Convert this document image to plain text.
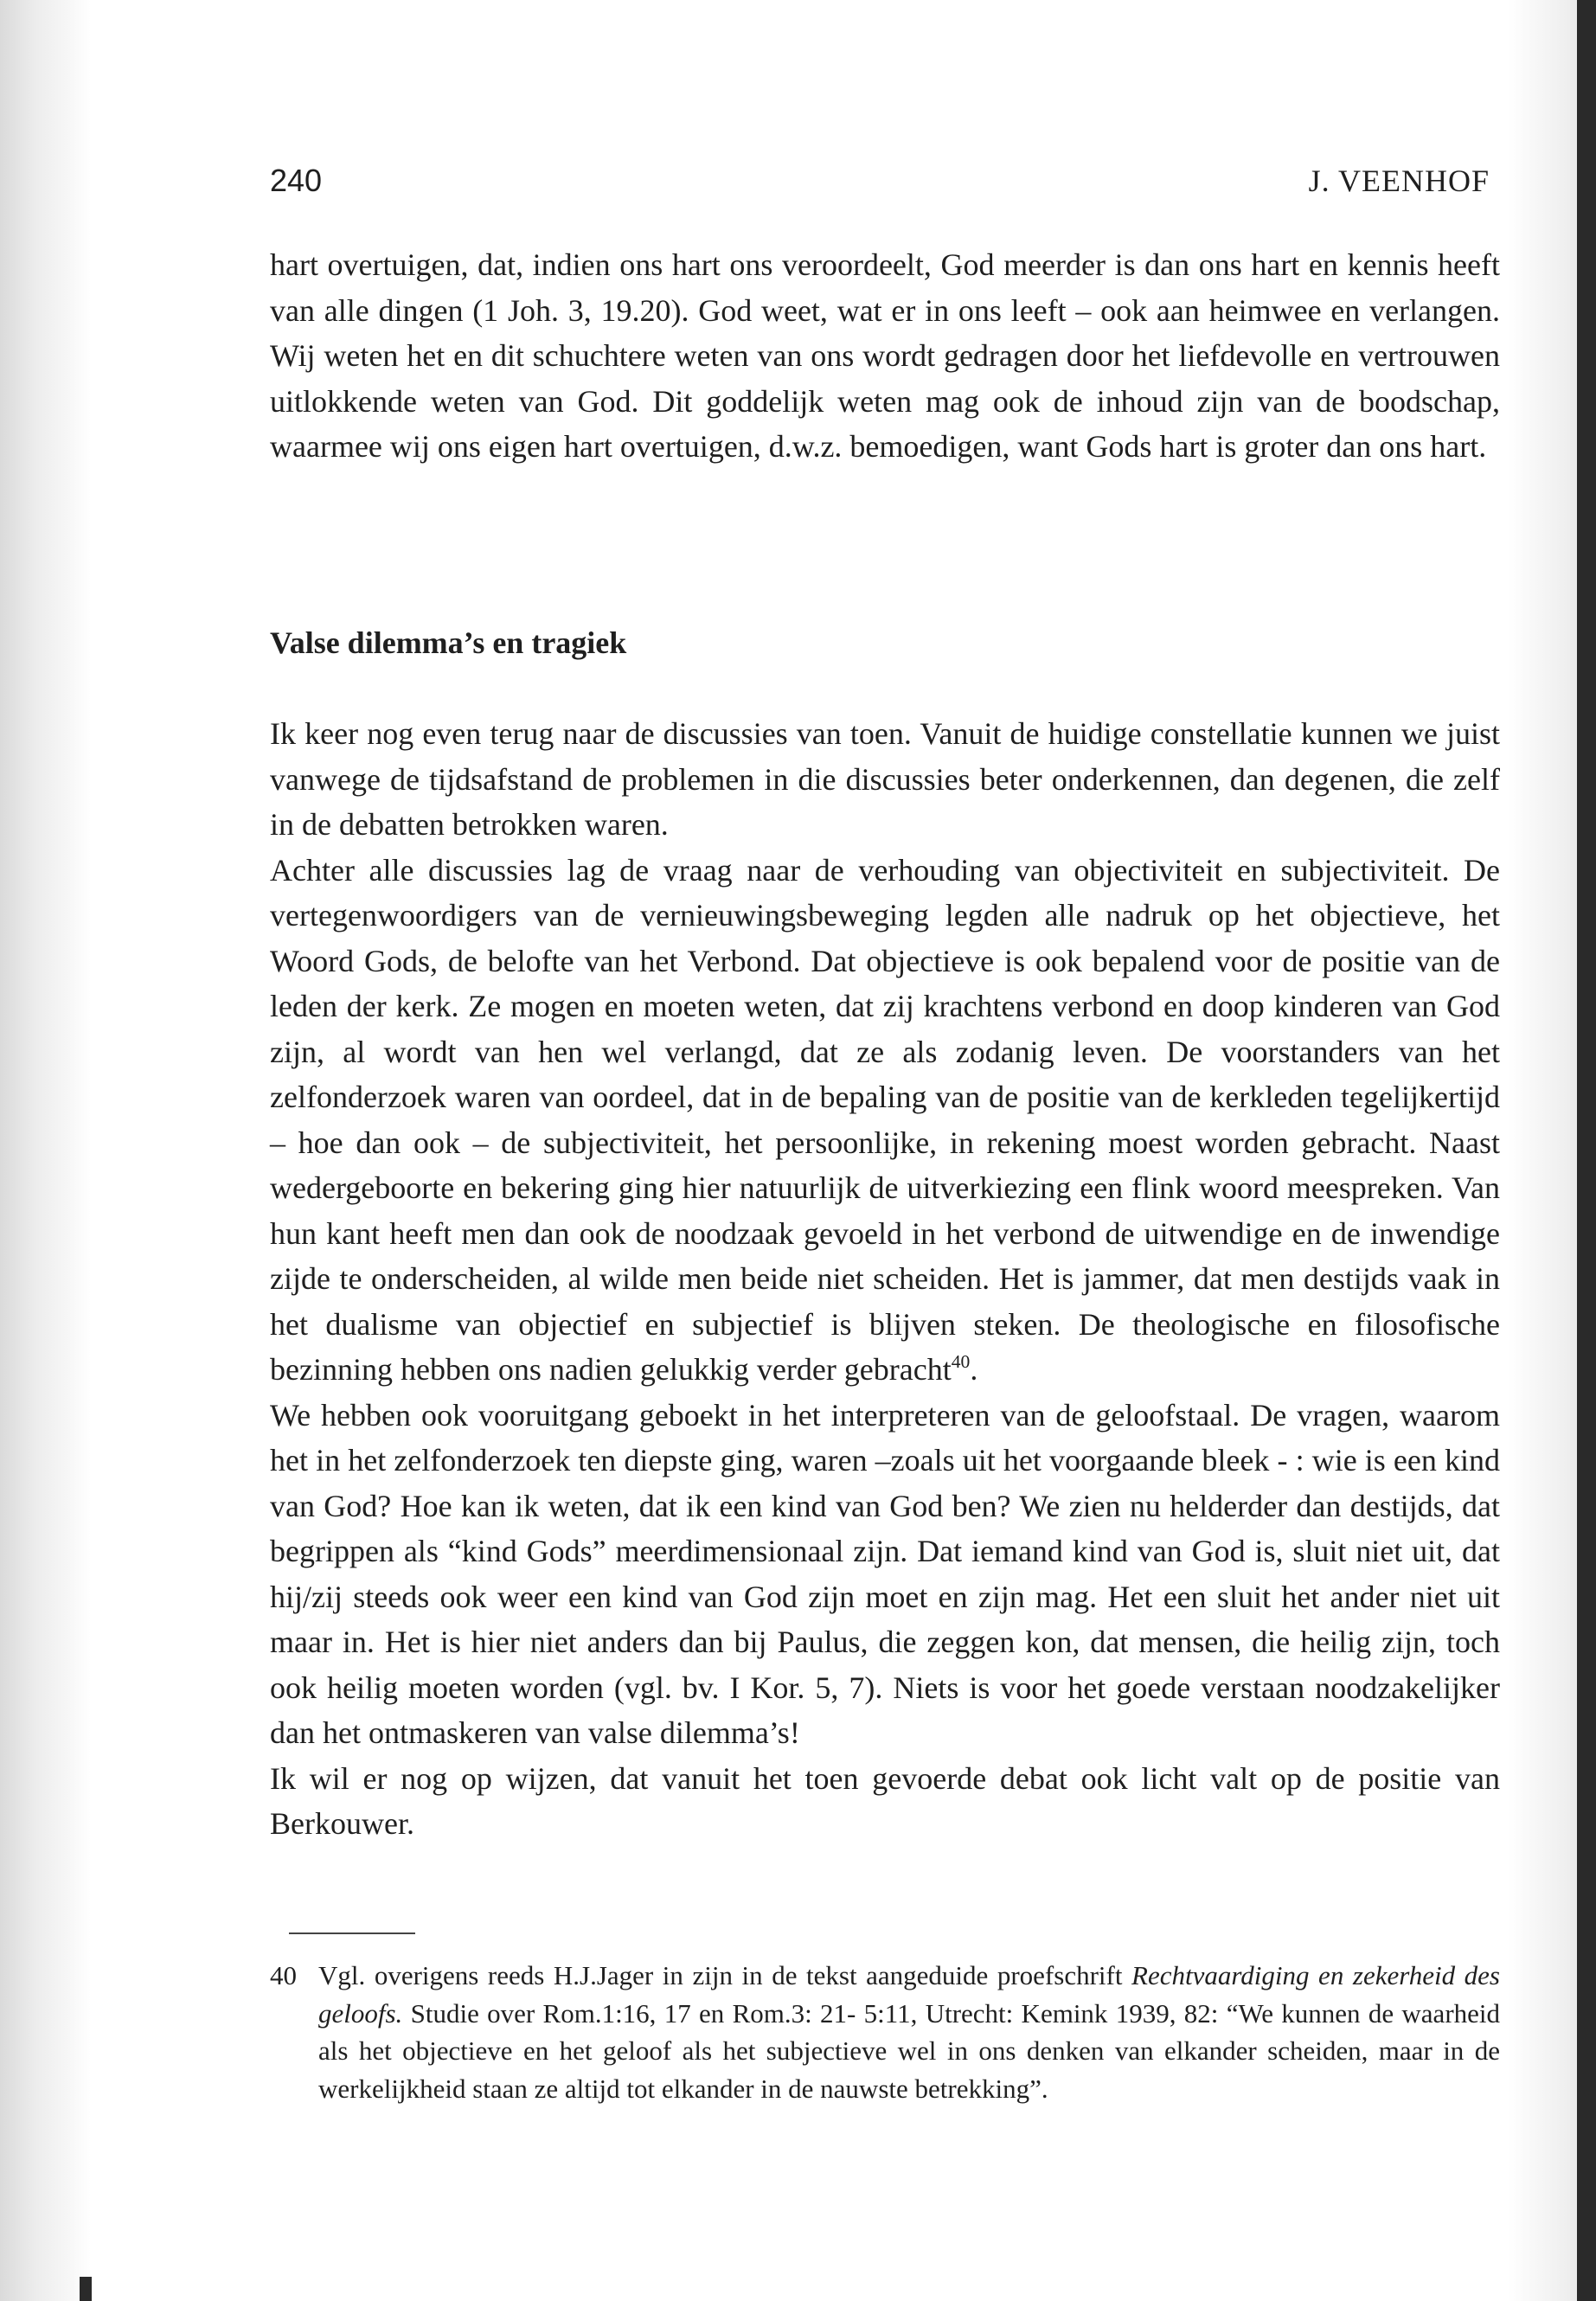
240	J. VEENHOF

hart overtuigen, dat, indien ons hart ons veroordeelt, God meerder is dan ons hart en kennis heeft van alle dingen (1 Joh. 3, 19.20). God weet, wat er in ons leeft – ook aan heimwee en verlangen. Wij weten het en dit schuchtere weten van ons wordt gedragen door het liefdevolle en vertrouwen uitlokkende weten van God. Dit goddelijk weten mag ook de inhoud zijn van de boodschap, waarmee wij ons eigen hart overtuigen, d.w.z. bemoedigen, want Gods hart is groter dan ons hart.

Valse dilemma’s en tragiek

Ik keer nog even terug naar de discussies van toen. Vanuit de huidige constellatie kunnen we juist vanwege de tijdsafstand de problemen in die discussies beter onderkennen, dan degenen, die zelf in de debatten betrokken waren.

Achter alle discussies lag de vraag naar de verhouding van objectiviteit en subjectiviteit. De vertegenwoordigers van de vernieuwingsbeweging legden alle nadruk op het objectieve, het Woord Gods, de belofte van het Verbond. Dat objectieve is ook bepalend voor de positie van de leden der kerk. Ze mogen en moeten weten, dat zij krachtens verbond en doop kinderen van God zijn, al wordt van hen wel verlangd, dat ze als zodanig leven. De voorstanders van het zelfonderzoek waren van oordeel, dat in de bepaling van de positie van de kerkleden tegelijkertijd – hoe dan ook – de subjectiviteit, het persoonlijke, in rekening moest worden gebracht. Naast wedergeboorte en bekering ging hier natuurlijk de uitverkiezing een flink woord meespreken. Van hun kant heeft men dan ook de noodzaak gevoeld in het verbond de uitwendige en de inwendige zijde te onderscheiden, al wilde men beide niet scheiden. Het is jammer, dat men destijds vaak in het dualisme van objectief en subjectief is blijven steken. De theologische en filosofische bezinning hebben ons nadien gelukkig verder gebracht$^{40}$.

We hebben ook vooruitgang geboekt in het interpreteren van de geloofstaal. De vragen, waarom het in het zelfonderzoek ten diepste ging, waren –zoals uit het voorgaande bleek - : wie is een kind van God? Hoe kan ik weten, dat ik een kind van God ben? We zien nu helderder dan destijds, dat begrippen als “kind Gods” meerdimensionaal zijn. Dat iemand kind van God is, sluit niet uit, dat hij/zij steeds ook weer een kind van God zijn moet en zijn mag. Het een sluit het ander niet uit maar in. Het is hier niet anders dan bij Paulus, die zeggen kon, dat mensen, die heilig zijn, toch ook heilig moeten worden (vgl. bv. I Kor. 5, 7). Niets is voor het goede verstaan noodzakelijker dan het ontmaskeren van valse dilemma’s!

Ik wil er nog op wijzen, dat vanuit het toen gevoerde debat ook licht valt op de positie van Berkouwer.

40 Vgl. overigens reeds H.J.Jager in zijn in de tekst aangeduide proefschrift Rechtvaardiging en zekerheid des geloofs. Studie over Rom.1:16, 17 en Rom.3: 21- 5:11, Utrecht: Kemink 1939, 82: “We kunnen de waarheid als het objectieve en het geloof als het subjectieve wel in ons denken van elkander scheiden, maar in de werkelijkheid staan ze altijd tot elkander in de nauwste betrekking”.
